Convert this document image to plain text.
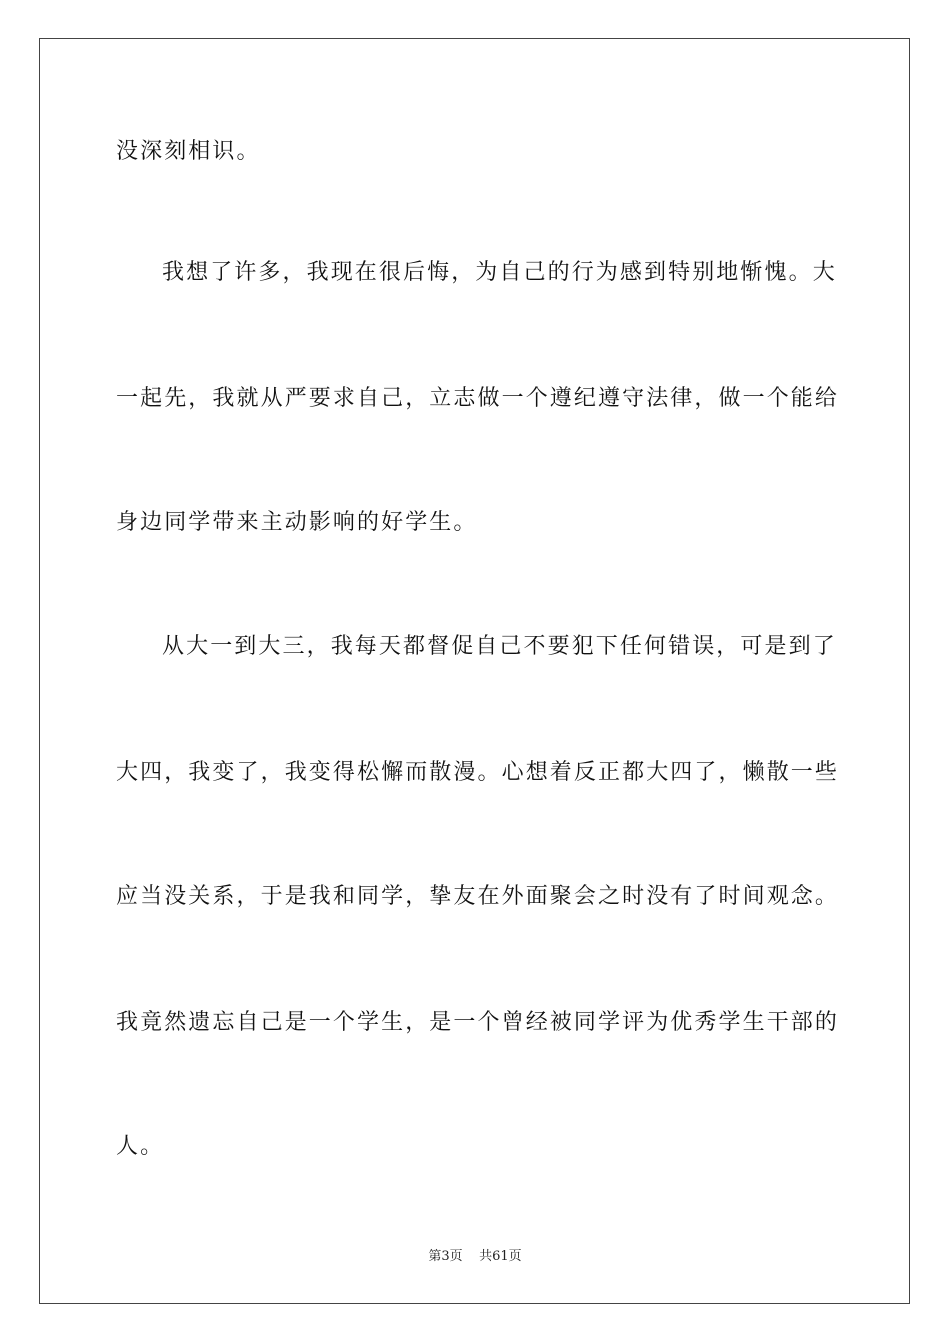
没深刻相识。
我想了许多，我现在很后悔，为自己的行为感到特别地惭愧。大
一起先，我就从严要求自己，立志做一个遵纪遵守法律，做一个能给
身边同学带来主动影响的好学生。
从大一到大三，我每天都督促自己不要犯下任何错误，可是到了
大四，我变了，我变得松懈而散漫。心想着反正都大四了，懒散一些
应当没关系，于是我和同学，挚友在外面聚会之时没有了时间观念。
我竟然遗忘自己是一个学生，是一个曾经被同学评为优秀学生干部的
人。
第3页 共61页
